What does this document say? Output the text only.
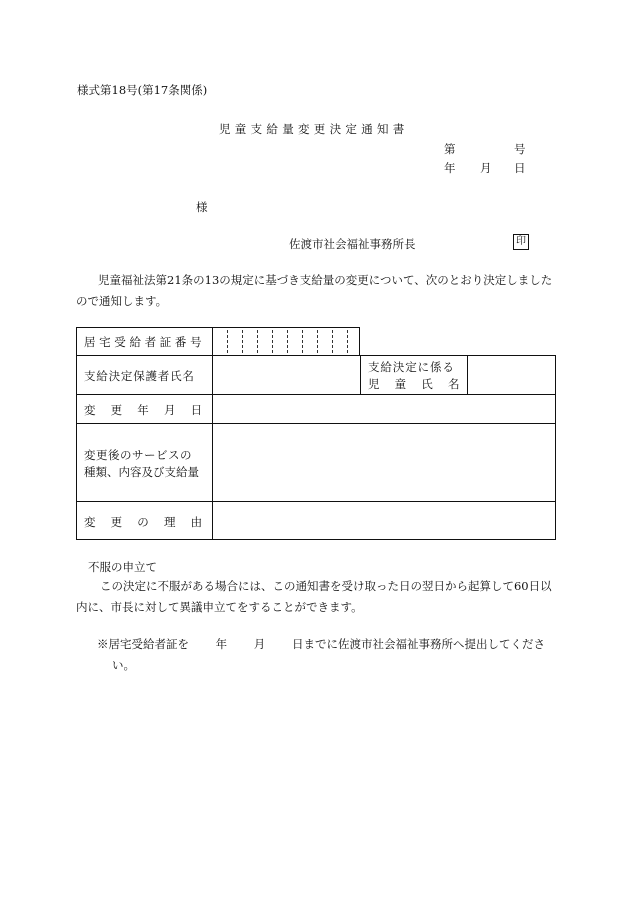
様式第18号(第17条関係)
児童支給量変更決定通知書
第	号
年 月 日
様
佐渡市社会福祉事務所長	印
児童福祉法第21条の13の規定に基づき支給量の変更について、次のとおり決定しましたので通知します。
居 宅 受 給 者 証 番 号
支給決定保護者氏名
支給決定に係る
児　 童　 氏　 名
変　 更　 年　 月　 日
変更後のサービスの
種類、内容及び支給量
変　 更　 の　 理　 由
不服の申立て
この決定に不服がある場合には、この通知書を受け取った日の翌日から起算して60日以内に、市長に対して異議申立てをすることができます。
※居宅受給者証を　　 年　　 月　　 日までに佐渡市社会福祉事務所へ提出してくださ
い。
